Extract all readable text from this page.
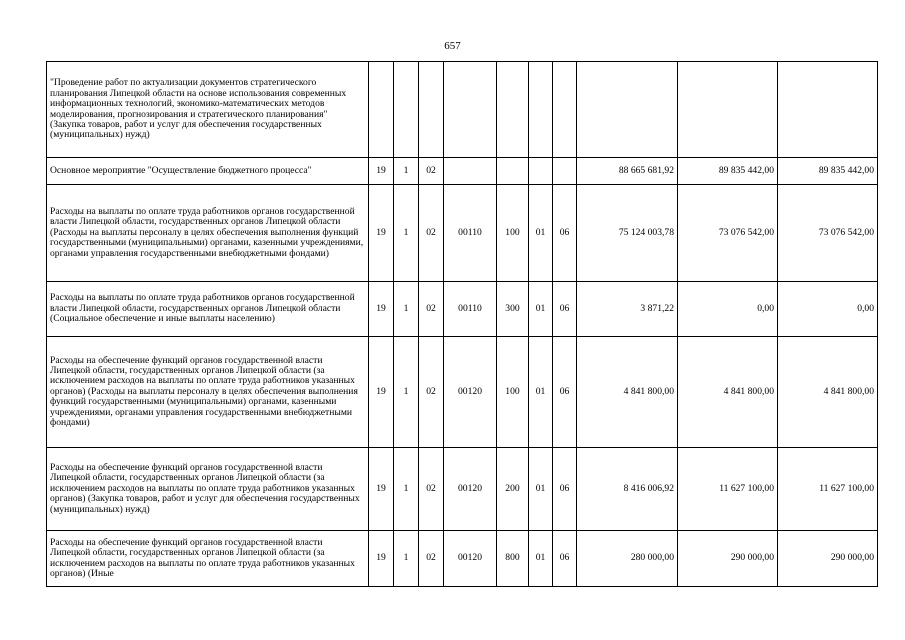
657
"Проведение работ по актуализации документов стратегического планирования Липецкой области на основе использования современных информационных технологий, экономико-математических методов моделирования, прогнозирования и стратегического планирования" (Закупка товаров, работ и услуг для обеспечения государственных (муниципальных) нужд)										
Основное мероприятие "Осуществление бюджетного процесса"	19	1	02					88 665 681,92	89 835 442,00	89 835 442,00
Расходы на выплаты по оплате труда работников органов государственной власти Липецкой области, государственных органов Липецкой области (Расходы на выплаты персоналу в целях обеспечения выполнения функций государственными (муниципальными) органами, казенными учреждениями, органами управления государственными внебюджетными фондами)	19	1	02	00110	100	01	06	75 124 003,78	73 076 542,00	73 076 542,00
Расходы на выплаты по оплате труда работников органов государственной власти Липецкой области, государственных органов Липецкой области (Социальное обеспечение и иные выплаты населению)	19	1	02	00110	300	01	06	3 871,22	0,00	0,00
Расходы на обеспечение функций органов государственной власти Липецкой области, государственных органов Липецкой области (за исключением расходов на выплаты по оплате труда работников указанных органов) (Расходы на выплаты персоналу в целях обеспечения выполнения функций государственными (муниципальными) органами, казенными учреждениями, органами управления государственными внебюджетными фондами)	19	1	02	00120	100	01	06	4 841 800,00	4 841 800,00	4 841 800,00
Расходы на обеспечение функций органов государственной власти Липецкой области, государственных органов Липецкой области (за исключением расходов на выплаты по оплате труда работников указанных органов) (Закупка товаров, работ и услуг для обеспечения государственных (муниципальных) нужд)	19	1	02	00120	200	01	06	8 416 006,92	11 627 100,00	11 627 100,00
Расходы на обеспечение функций органов государственной власти Липецкой области, государственных органов Липецкой области (за исключением расходов на выплаты по оплате труда работников указанных органов) (Иные	19	1	02	00120	800	01	06	280 000,00	290 000,00	290 000,00
